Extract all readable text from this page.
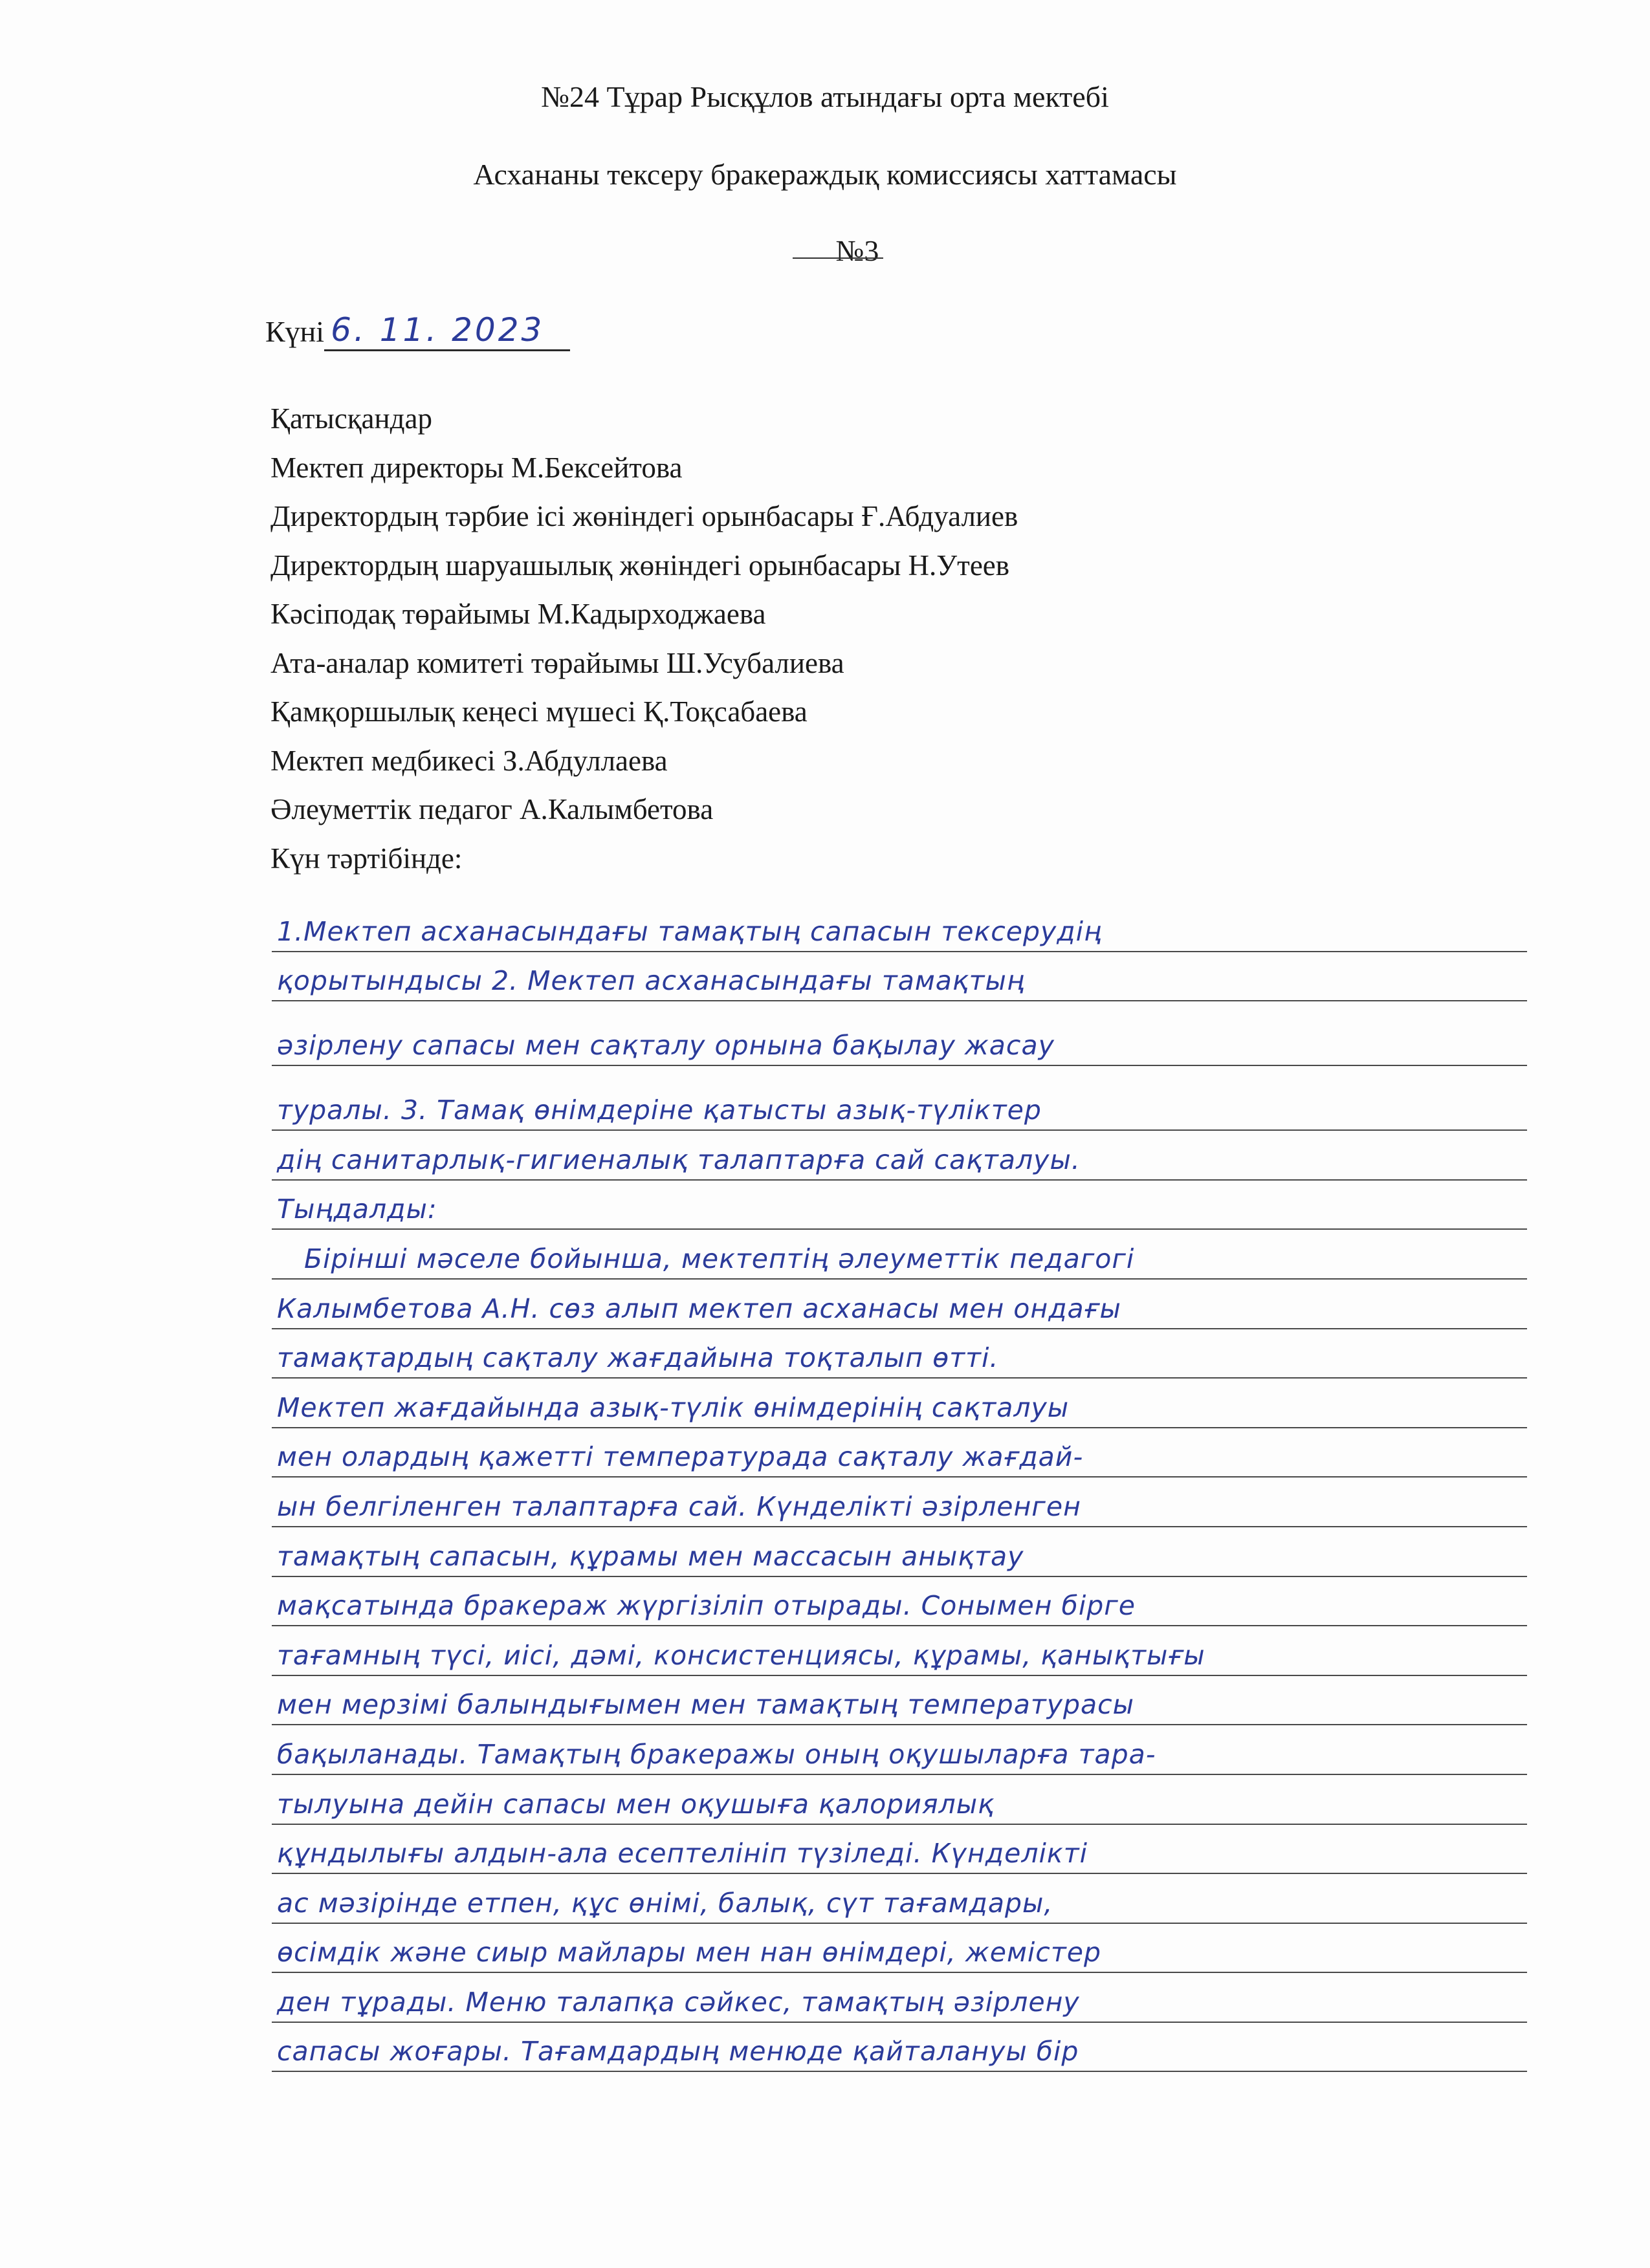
№24 Тұрар Рысқұлов атындағы орта мектебі
Асхананы тексеру бракераждық комиссиясы хаттамасы
№3
Күні 6. 11. 2023
Қатысқандар
Мектеп директоры М.Бексейтова
Директордың тәрбие ісі жөніндегі орынбасары Ғ.Абдуалиев
Директордың шаруашылық жөніндегі орынбасары Н.Утеев
Кәсіподақ төрайымы М.Кадырходжаева
Ата-аналар комитеті төрайымы Ш.Усубалиева
Қамқоршылық кеңесі мүшесі Қ.Тоқсабаева
Мектеп медбикесі З.Абдуллаева
Әлеуметтік педагог А.Калымбетова
Күн тәртібінде:
1.Мектеп асханасындағы тамақтың сапасын тексерудің
қорытындысы 2. Мектеп асханасындағы тамақтың
әзірлену сапасы мен сақталу орнына бақылау жасау
туралы. 3. Тамақ өнімдеріне қатысты азық-түліктер
дің санитарлық-гигиеналық талаптарға сай сақталуы.
Тыңдалды:
Бірінші мәселе бойынша, мектептің әлеуметтік педагогі
Калымбетова А.Н. сөз алып мектеп асханасы мен ондағы
тамақтардың сақталу жағдайына тоқталып өтті.
Мектеп жағдайында азық-түлік өнімдерінің сақталуы
мен олардың қажетті температурада сақталу жағдай-
ын белгіленген талаптарға сай. Күнделікті әзірленген
тамақтың сапасын, құрамы мен массасын анықтау
мақсатында бракераж жүргізіліп отырады. Сонымен бірге
тағамның түсі, иісі, дәмі, консистенциясы, құрамы, қанықтығы
мен мерзімі балындығымен мен тамақтың температурасы
бақыланады. Тамақтың бракеражы оның оқушыларға тара-
тылуына дейін сапасы мен оқушыға қалориялық
құндылығы алдын-ала есептелініп түзіледі. Күнделікті
ас мәзірінде етпен, құс өнімі, балық, сүт тағамдары,
өсімдік және сиыр майлары мен нан өнімдері, жемістер
ден тұрады. Меню талапқа сәйкес, тамақтың әзірлену
сапасы жоғары. Тағамдардың менюде қайталануы бір
